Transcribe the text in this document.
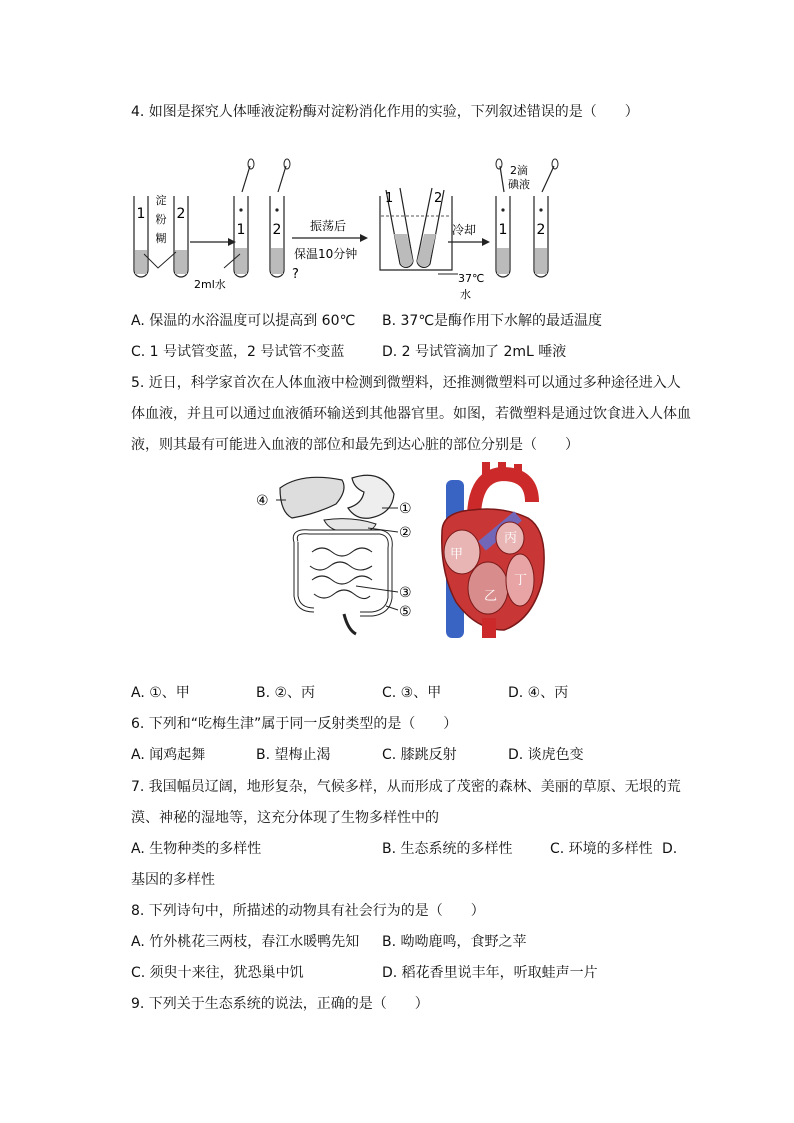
4. 如图是探究人体唾液淀粉酶对淀粉消化作用的实验，下列叙述错误的是（　　）
1 2
淀
粉
糊
1 2
2ml水
?
振荡后
保温10分钟
1	2
37℃
水
冷却 1 2
2滴
碘液
A. 保温的水浴温度可以提高到 60℃ B. 37℃是酶作用下水解的最适温度
C. 1 号试管变蓝，2 号试管不变蓝	D. 2 号试管滴加了 2mL 唾液
5. 近日，科学家首次在人体血液中检测到微塑料，还推测微塑料可以通过多种途径进入人
体血液，并且可以通过血液循环输送到其他器官里。如图，若微塑料是通过饮食进入人体血
液，则其最有可能进入血液的部位和最先到达心脏的部位分别是（　　）
④	①
②
③
⑤
甲
丙
乙
丁
A. ①、甲	B. ②、丙	C. ③、甲	D. ④、丙
6. 下列和“吃梅生津”属于同一反射类型的是（　　）
A. 闻鸡起舞	B. 望梅止渴	C. 膝跳反射	D. 谈虎色变
7. 我国幅员辽阔，地形复杂，气候多样，从而形成了茂密的森林、美丽的草原、无垠的荒
漠、神秘的湿地等，这充分体现了生物多样性中的
A. 生物种类的多样性	B. 生态系统的多样性	C. 环境的多样性 D.
基因的多样性
8. 下列诗句中，所描述的动物具有社会行为的是（　　）
A. 竹外桃花三两枝，春江水暖鸭先知 B. 呦呦鹿鸣，食野之苹
C. 须臾十来往，犹恐巢中饥	D. 稻花香里说丰年，听取蛙声一片
9. 下列关于生态系统的说法，正确的是（　　）
